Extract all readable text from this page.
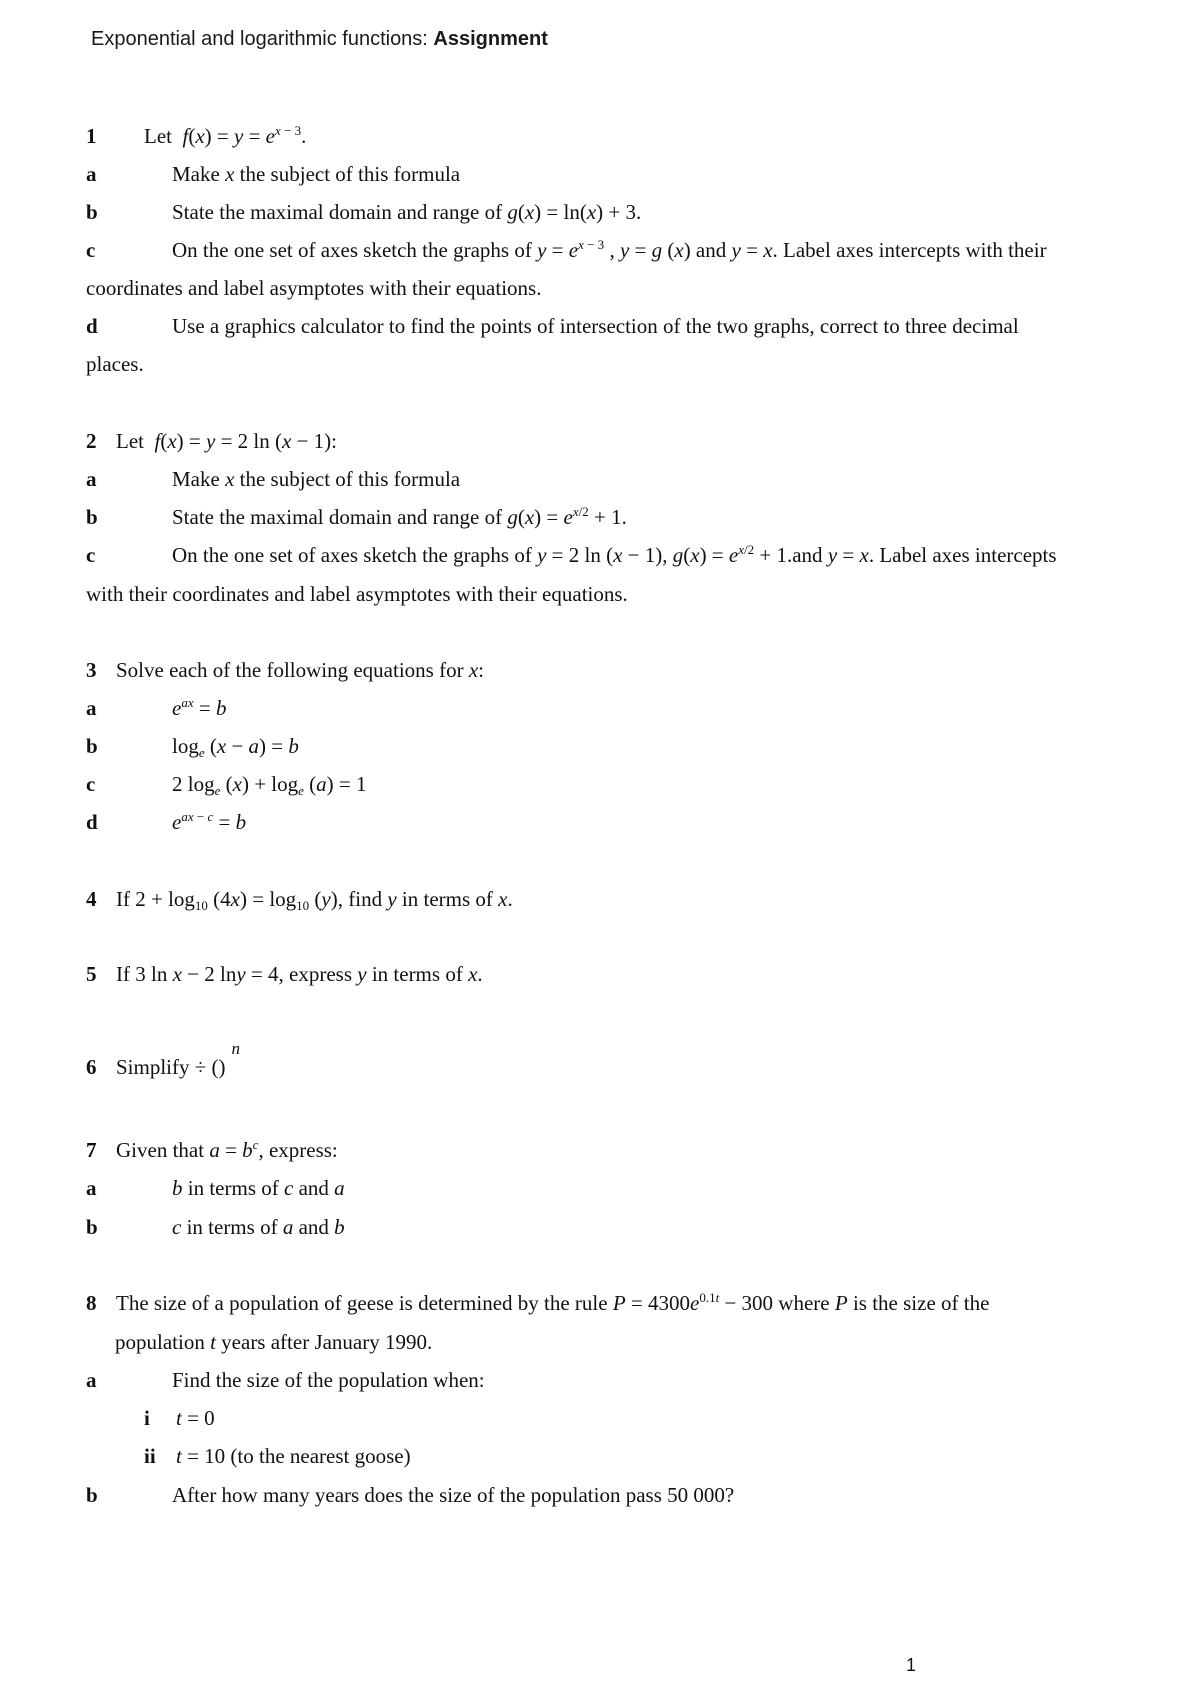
Exponential and logarithmic functions: Assignment
1 Let  $f(x) = y = e^{x - 3}$.
a	Make x the subject of this formula
b	State the maximal domain and range of g(x) = ln(x) + 3.
c	On the one set of axes sketch the graphs of $y = e^{x - 3}$ , y = g (x) and y = x. Label axes intercepts with their
coordinates and label asymptotes with their equations.
d	Use a graphics calculator to find the points of intersection of the two graphs, correct to three decimal
places.
2 Let  f(x) = y = 2 ln (x − 1):
a	Make x the subject of this formula
b	State the maximal domain and range of $g(x) = e^{x/2} + 1$.
c	On the one set of axes sketch the graphs of y = 2 ln (x − 1), $g(x) = e^{x/2} + 1.and$ y = x. Label axes intercepts
with their coordinates and label asymptotes with their equations.
3 Solve each of the following equations for x:
a	$e^{ax} = b$
b	$\log_e (x - a) = b$
c	2 $\log_e (x) + \log_e (a) = 1$
d	$e^{ax - c} = b$
4 If $2 + \log_{10} (4x) = \log_{10} (y)$, find y in terms of x.
5 If 3 ln x − 2 lny = 4, express y in terms of x.
6 Simplify ÷ ()$^n$
7 Given that $a = b^c$, express:
a	b in terms of c and a
b	c in terms of a and b
8 The size of a population of geese is determined by the rule $P = 4300e^{0.1t} - 300$ where P is the size of the
population t years after January 1990.
a	Find the size of the population when:
i t = 0
ii t = 10 (to the nearest goose)
b	After how many years does the size of the population pass 50 000?
1
